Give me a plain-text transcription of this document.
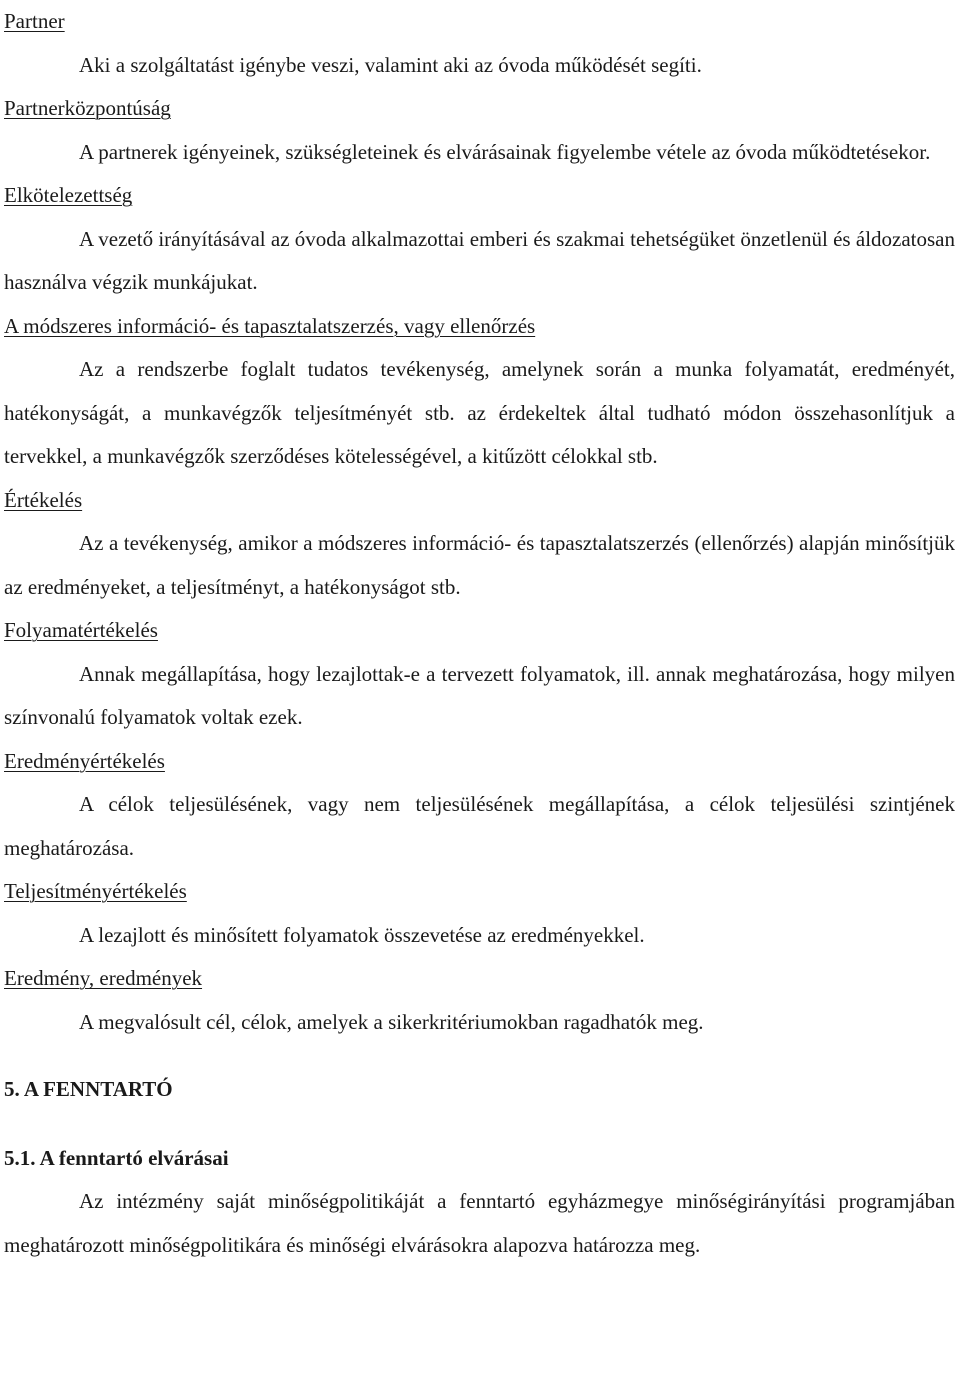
Partner

Aki a szolgáltatást igénybe veszi, valamint aki az óvoda működését segíti.

Partnerközpontúság

A partnerek igényeinek, szükségleteinek és elvárásainak figyelembe vétele az óvoda működtetésekor.

Elkötelezettség

A vezető irányításával az óvoda alkalmazottai emberi és szakmai tehetségüket önzetlenül és áldozatosan használva végzik munkájukat.

A módszeres információ- és tapasztalatszerzés, vagy ellenőrzés

Az a rendszerbe foglalt tudatos tevékenység, amelynek során a munka folyamatát, eredményét, hatékonyságát, a munkavégzők teljesítményét stb. az érdekeltek által tudható módon összehasonlítjuk a tervekkel, a munkavégzők szerződéses kötelességével, a kitűzött célokkal stb.

Értékelés

Az a tevékenység, amikor a módszeres információ- és tapasztalatszerzés (ellenőrzés) alapján minősítjük az eredményeket, a teljesítményt, a hatékonyságot stb.

Folyamatértékelés

Annak megállapítása, hogy lezajlottak-e a tervezett folyamatok, ill. annak meghatározása, hogy milyen színvonalú folyamatok voltak ezek.

Eredményértékelés

A célok teljesülésének, vagy nem teljesülésének megállapítása, a célok teljesülési szintjének meghatározása.

Teljesítményértékelés

A lezajlott és minősített folyamatok összevetése az eredményekkel.

Eredmény, eredmények

A megvalósult cél, célok, amelyek a sikerkritériumokban ragadhatók meg.

5. A FENNTARTÓ
5.1. A fenntartó elvárásai

Az intézmény saját minőségpolitikáját a fenntartó egyházmegye minőségirányítási programjában meghatározott minőségpolitikára és minőségi elvárásokra alapozva határozza meg.
